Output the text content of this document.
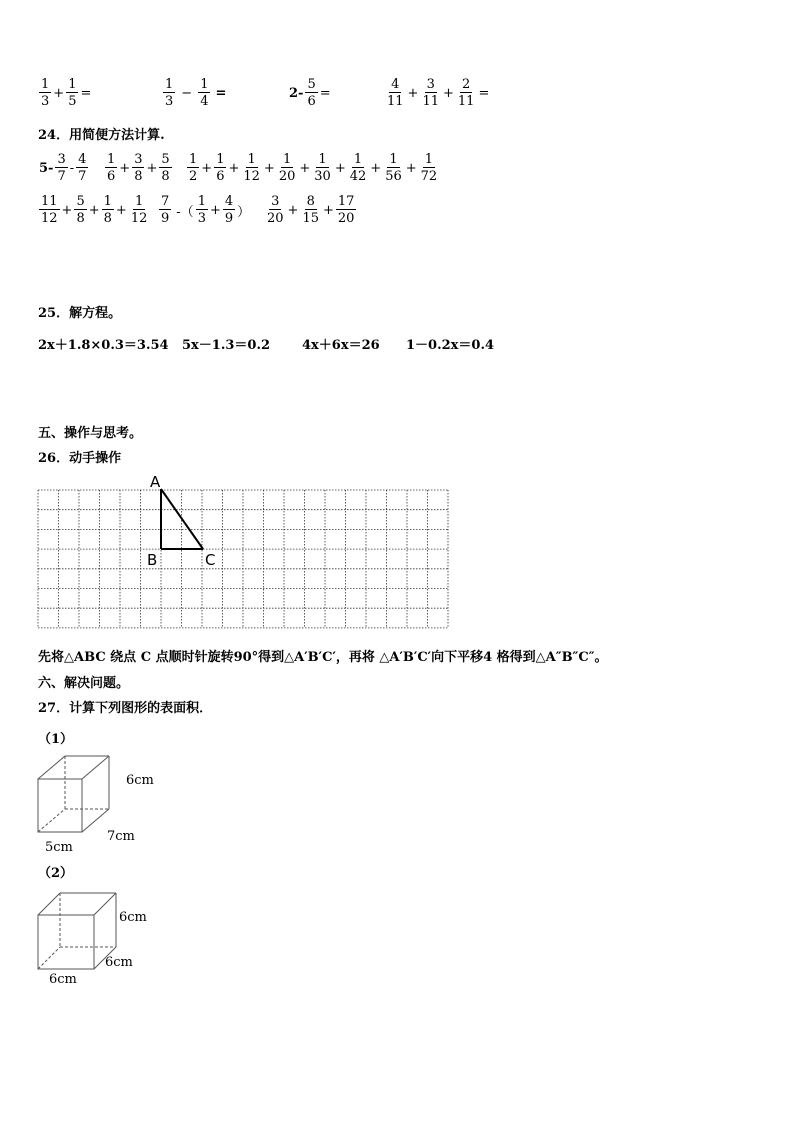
$\frac{1}{3} + \frac{1}{5}$ =	$\frac{1}{3} - \frac{1}{4}$ =	$2- \frac{5}{6}$ =	$\frac{4}{11} + \frac{3}{11} + \frac{2}{11}$ =
24．用简便方法计算.
$5- \frac{3}{7} - \frac{4}{7} \frac{1}{6} + \frac{3}{8} + \frac{5}{8} \frac{1}{2} + \frac{1}{6} + \frac{1}{12} + \frac{1}{20} + \frac{1}{30} + \frac{1}{42} + \frac{1}{56} + \frac{1}{72}$
$\frac{11}{12} + \frac{5}{8} + \frac{1}{8} + \frac{1}{12} \frac{7}{9}$ -（ $\frac{1}{3} + \frac{4}{9}$ ） $\frac{3}{20} + \frac{8}{15} + \frac{17}{20}$
25．解方程。
2x＋1.8×0.3＝3.54 5x－1.3＝0.2 4x＋6x＝26 1－0.2x＝0.4
五、操作与思考。
26．动手操作
A
B	C
先将△ABC 绕点 C 点顺时针旋转90°得到△A′B′C′，再将 △A′B′C′向下平移4 格得到△A″B″C″。
六、解决问题。
27．计算下列图形的表面积．
（1）
6cm
7cm
5cm
（2）
6cm
6cm
6cm
